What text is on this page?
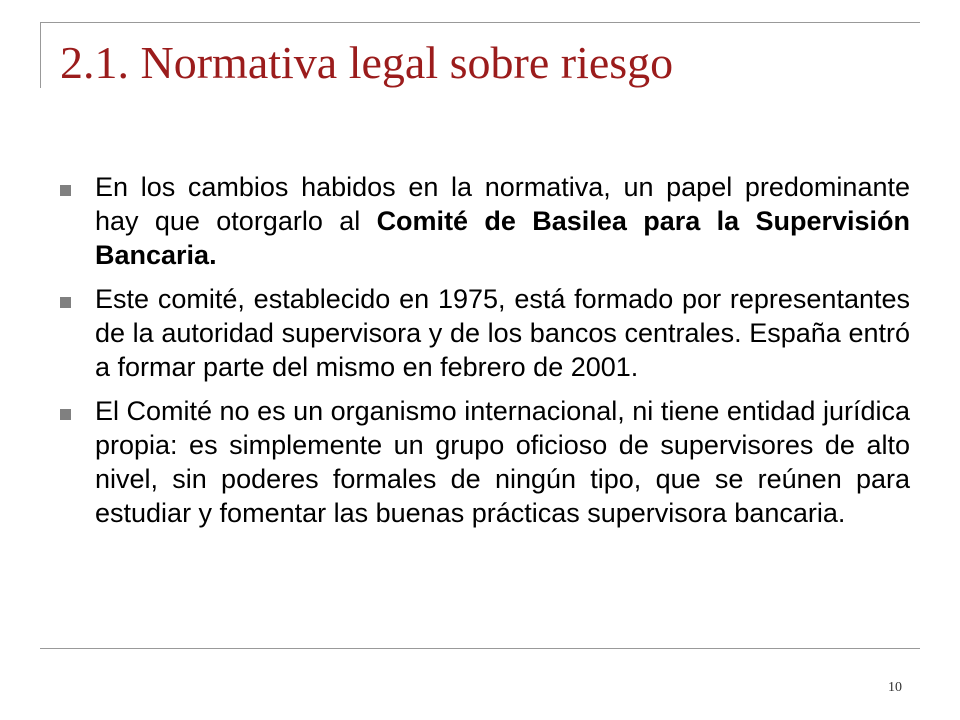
2.1. Normativa legal sobre riesgo
En los cambios habidos en la normativa, un papel predominante hay que otorgarlo al Comité de Basilea para la Supervisión Bancaria.
Este comité, establecido en 1975, está formado por representantes de la autoridad supervisora y de los bancos centrales. España entró a formar parte del mismo en febrero de 2001.
El Comité no es un organismo internacional, ni tiene entidad jurídica propia: es simplemente un grupo oficioso de supervisores de alto nivel, sin poderes formales de ningún tipo, que se reúnen para estudiar y fomentar las buenas prácticas supervisora bancaria.
10
